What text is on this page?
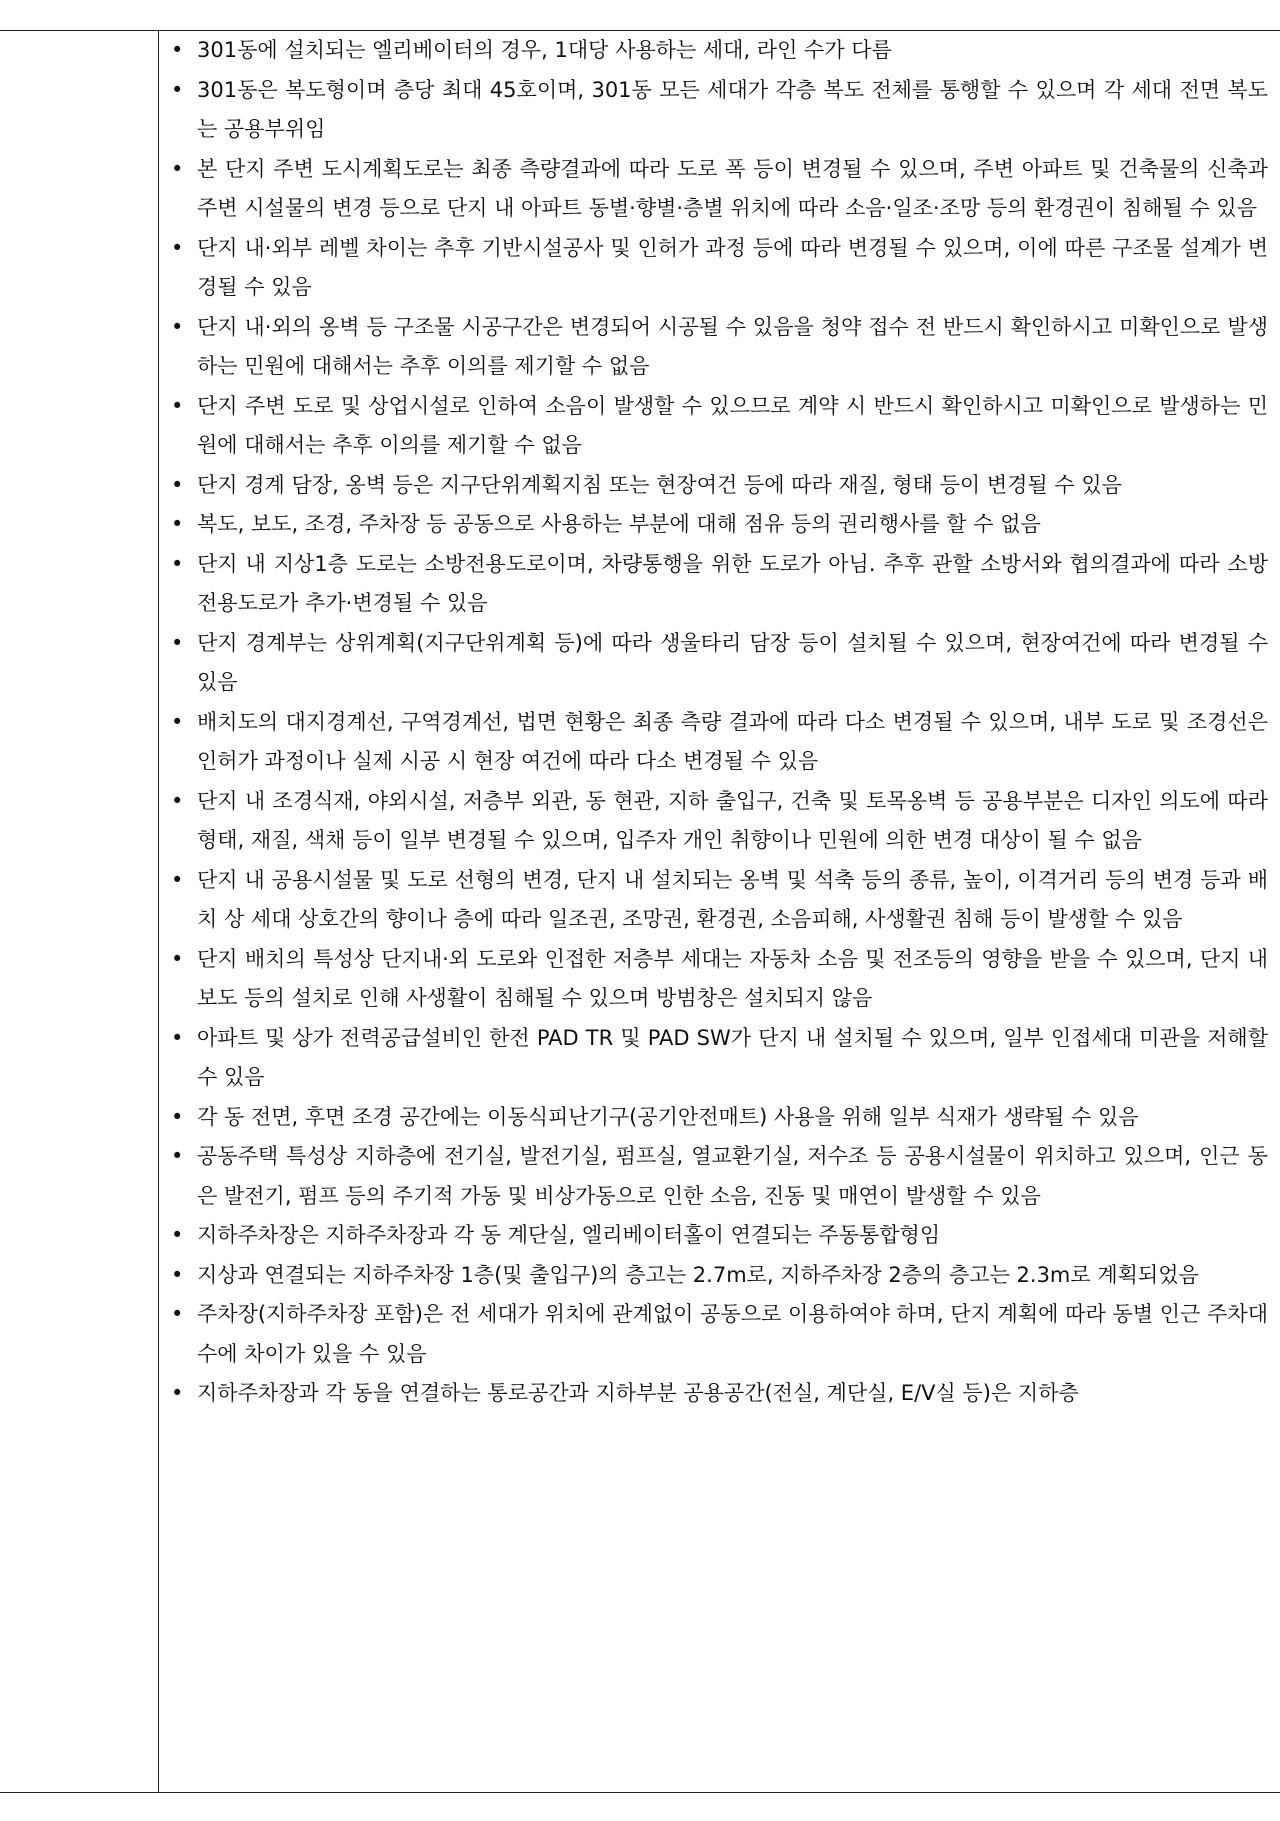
• 301동에 설치되는 엘리베이터의 경우, 1대당 사용하는 세대, 라인 수가 다름
• 301동은 복도형이며 층당 최대 45호이며, 301동 모든 세대가 각층 복도 전체를 통행할 수 있으며 각 세대 전면 복도는 공용부위임
• 본 단지 주변 도시계획도로는 최종 측량결과에 따라 도로 폭 등이 변경될 수 있으며, 주변 아파트 및 건축물의 신축과 주변 시설물의 변경 등으로 단지 내 아파트 동별·향별·층별 위치에 따라 소음·일조·조망 등의 환경권이 침해될 수 있음
• 단지 내·외부 레벨 차이는 추후 기반시설공사 및 인허가 과정 등에 따라 변경될 수 있으며, 이에 따른 구조물 설계가 변경될 수 있음
• 단지 내·외의 옹벽 등 구조물 시공구간은 변경되어 시공될 수 있음을 청약 접수 전 반드시 확인하시고 미확인으로 발생하는 민원에 대해서는 추후 이의를 제기할 수 없음
• 단지 주변 도로 및 상업시설로 인하여 소음이 발생할 수 있으므로 계약 시 반드시 확인하시고 미확인으로 발생하는 민원에 대해서는 추후 이의를 제기할 수 없음
• 단지 경계 담장, 옹벽 등은 지구단위계획지침 또는 현장여건 등에 따라 재질, 형태 등이 변경될 수 있음
• 복도, 보도, 조경, 주차장 등 공동으로 사용하는 부분에 대해 점유 등의 권리행사를 할 수 없음
• 단지 내 지상1층 도로는 소방전용도로이며, 차량통행을 위한 도로가 아님. 추후 관할 소방서와 협의결과에 따라 소방전용도로가 추가·변경될 수 있음
• 단지 경계부는 상위계획(지구단위계획 등)에 따라 생울타리 담장 등이 설치될 수 있으며, 현장여건에 따라 변경될 수 있음
• 배치도의 대지경계선, 구역경계선, 법면 현황은 최종 측량 결과에 따라 다소 변경될 수 있으며, 내부 도로 및 조경선은 인허가 과정이나 실제 시공 시 현장 여건에 따라 다소 변경될 수 있음
• 단지 내 조경식재, 야외시설, 저층부 외관, 동 현관, 지하 출입구, 건축 및 토목옹벽 등 공용부분은 디자인 의도에 따라 형태, 재질, 색채 등이 일부 변경될 수 있으며, 입주자 개인 취향이나 민원에 의한 변경 대상이 될 수 없음
• 단지 내 공용시설물 및 도로 선형의 변경, 단지 내 설치되는 옹벽 및 석축 등의 종류, 높이, 이격거리 등의 변경 등과 배치 상 세대 상호간의 향이나 층에 따라 일조권, 조망권, 환경권, 소음피해, 사생활권 침해 등이 발생할 수 있음
• 단지 배치의 특성상 단지내·외 도로와 인접한 저층부 세대는 자동차 소음 및 전조등의 영향을 받을 수 있으며, 단지 내 보도 등의 설치로 인해 사생활이 침해될 수 있으며 방범창은 설치되지 않음
• 아파트 및 상가 전력공급설비인 한전 PAD TR 및 PAD SW가 단지 내 설치될 수 있으며, 일부 인접세대 미관을 저해할 수 있음
• 각 동 전면, 후면 조경 공간에는 이동식피난기구(공기안전매트) 사용을 위해 일부 식재가 생략될 수 있음
• 공동주택 특성상 지하층에 전기실, 발전기실, 펌프실, 열교환기실, 저수조 등 공용시설물이 위치하고 있으며, 인근 동은 발전기, 펌프 등의 주기적 가동 및 비상가동으로 인한 소음, 진동 및 매연이 발생할 수 있음
• 지하주차장은 지하주차장과 각 동 계단실, 엘리베이터홀이 연결되는 주동통합형임
• 지상과 연결되는 지하주차장 1층(및 출입구)의 층고는 2.7m로, 지하주차장 2층의 층고는 2.3m로 계획되었음
• 주차장(지하주차장 포함)은 전 세대가 위치에 관계없이 공동으로 이용하여야 하며, 단지 계획에 따라 동별 인근 주차대수에 차이가 있을 수 있음
• 지하주차장과 각 동을 연결하는 통로공간과 지하부분 공용공간(전실, 계단실, E/V실 등)은 지하층
